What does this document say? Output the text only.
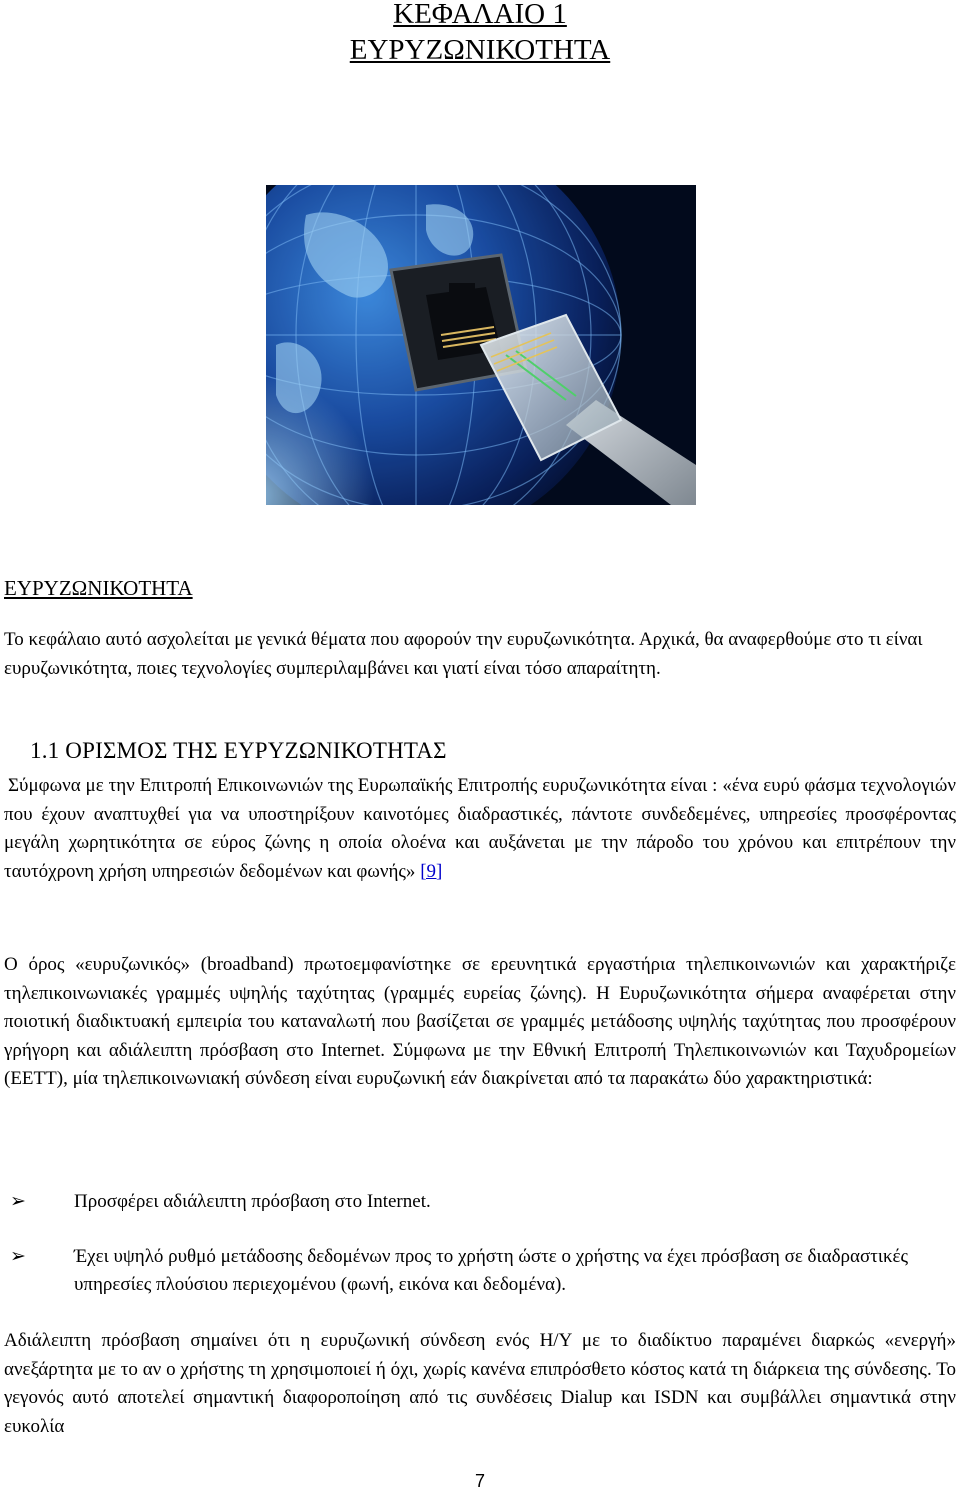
ΚΕΦΑΛΑΙΟ 1
ΕΥΡΥΖΩΝΙΚΟΤΗΤΑ
ΕΥΡΥΖΩΝΙΚΟΤΗΤΑ

Το κεφάλαιο αυτό ασχολείται με γενικά θέματα που αφορούν την ευρυζωνικότητα. Αρχικά, θα αναφερθούμε στο τι είναι ευρυζωνικότητα, ποιες τεχνολογίες συμπεριλαμβάνει και γιατί είναι τόσο απαραίτητη.

1.1 ΟΡΙΣΜΟΣ ΤΗΣ ΕΥΡΥΖΩΝΙΚΟΤΗΤΑΣ

Σύμφωνα με την Επιτροπή Επικοινωνιών της Ευρωπαϊκής Επιτροπής ευρυζωνικότητα είναι : «ένα ευρύ φάσμα τεχνολογιών που έχουν αναπτυχθεί για να υποστηρίξουν καινοτόμες διαδραστικές, πάντοτε συνδεδεμένες, υπηρεσίες προσφέροντας μεγάλη χωρητικότητα σε εύρος ζώνης η οποία ολοένα και αυξάνεται με την πάροδο του χρόνου και επιτρέπουν την ταυτόχρονη χρήση υπηρεσιών δεδομένων και φωνής» [9]

Ο όρος «ευρυζωνικός» (broadband) πρωτοεμφανίστηκε σε ερευνητικά εργαστήρια τηλεπικοινωνιών και χαρακτήριζε τηλεπικοινωνιακές γραμμές υψηλής ταχύτητας (γραμμές ευρείας ζώνης). Η Ευρυζωνικότητα σήμερα αναφέρεται στην ποιοτική διαδικτυακή εμπειρία του καταναλωτή που βασίζεται σε γραμμές μετάδοσης υψηλής ταχύτητας που προσφέρουν γρήγορη και αδιάλειπτη πρόσβαση στο Internet. Σύμφωνα με την Εθνική Επιτροπή Τηλεπικοινωνιών και Ταχυδρομείων (ΕΕΤΤ), μία τηλεπικοινωνιακή σύνδεση είναι ευρυζωνική εάν διακρίνεται από τα παρακάτω δύο χαρακτηριστικά:

➢	Προσφέρει αδιάλειπτη πρόσβαση στο Internet.
➢	Έχει υψηλό ρυθμό μετάδοσης δεδομένων προς το χρήστη ώστε ο χρήστης να έχει πρόσβαση σε διαδραστικές υπηρεσίες πλούσιου περιεχομένου (φωνή, εικόνα και δεδομένα).

Αδιάλειπτη πρόσβαση σημαίνει ότι η ευρυζωνική σύνδεση ενός Η/Υ με το διαδίκτυο παραμένει διαρκώς «ενεργή» ανεξάρτητα με το αν ο χρήστης τη χρησιμοποιεί ή όχι, χωρίς κανένα επιπρόσθετο κόστος κατά τη διάρκεια της σύνδεσης. Το γεγονός αυτό αποτελεί σημαντική διαφοροποίηση από τις συνδέσεις Dialup και ISDN και συμβάλλει σημαντικά στην ευκολία

7
